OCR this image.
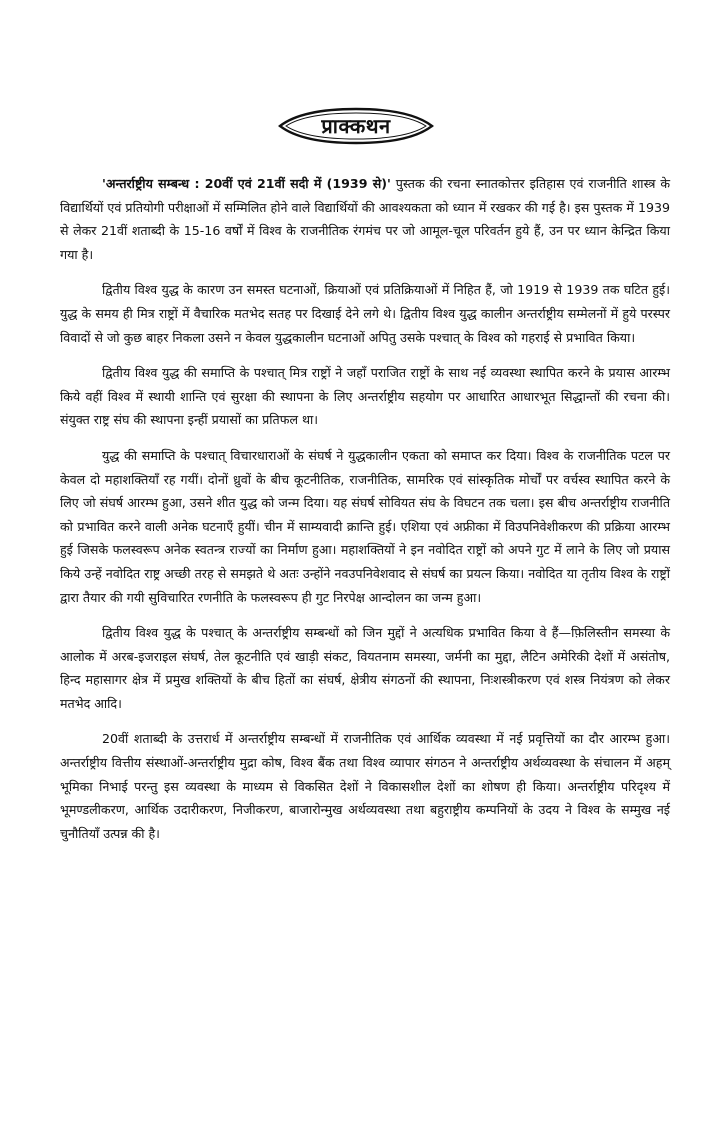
प्राक्कथन

'अन्तर्राष्ट्रीय सम्बन्ध : 20वीं एवं 21वीं सदी में (1939 से)' पुस्तक की रचना स्नातकोत्तर इतिहास एवं राजनीति शास्त्र के विद्यार्थियों एवं प्रतियोगी परीक्षाओं में सम्मिलित होने वाले विद्यार्थियों की आवश्यकता को ध्यान में रखकर की गई है। इस पुस्तक में 1939 से लेकर 21वीं शताब्दी के 15-16 वर्षों में विश्व के राजनीतिक रंगमंच पर जो आमूल-चूल परिवर्तन हुये हैं, उन पर ध्यान केन्द्रित किया गया है।

द्वितीय विश्व युद्ध के कारण उन समस्त घटनाओं, क्रियाओं एवं प्रतिक्रियाओं में निहित हैं, जो 1919 से 1939 तक घटित हुई। युद्ध के समय ही मित्र राष्ट्रों में वैचारिक मतभेद सतह पर दिखाई देने लगे थे। द्वितीय विश्व युद्ध कालीन अन्तर्राष्ट्रीय सम्मेलनों में हुये परस्पर विवादों से जो कुछ बाहर निकला उसने न केवल युद्धकालीन घटनाओं अपितु उसके पश्चात् के विश्व को गहराई से प्रभावित किया।

द्वितीय विश्व युद्ध की समाप्ति के पश्चात् मित्र राष्ट्रों ने जहाँ पराजित राष्ट्रों के साथ नई व्यवस्था स्थापित करने के प्रयास आरम्भ किये वहीं विश्व में स्थायी शान्ति एवं सुरक्षा की स्थापना के लिए अन्तर्राष्ट्रीय सहयोग पर आधारित आधारभूत सिद्धान्तों की रचना की। संयुक्त राष्ट्र संघ की स्थापना इन्हीं प्रयासों का प्रतिफल था।

युद्ध की समाप्ति के पश्चात् विचारधाराओं के संघर्ष ने युद्धकालीन एकता को समाप्त कर दिया। विश्व के राजनीतिक पटल पर केवल दो महाशक्तियाँ रह गयीं। दोनों ध्रुवों के बीच कूटनीतिक, राजनीतिक, सामरिक एवं सांस्कृतिक मोर्चों पर वर्चस्व स्थापित करने के लिए जो संघर्ष आरम्भ हुआ, उसने शीत युद्ध को जन्म दिया। यह संघर्ष सोवियत संघ के विघटन तक चला। इस बीच अन्तर्राष्ट्रीय राजनीति को प्रभावित करने वाली अनेक घटनाएँ हुयीं। चीन में साम्यवादी क्रान्ति हुई। एशिया एवं अफ्रीका में विउपनिवेशीकरण की प्रक्रिया आरम्भ हुई जिसके फलस्वरूप अनेक स्वतन्त्र राज्यों का निर्माण हुआ। महाशक्तियों ने इन नवोदित राष्ट्रों को अपने गुट में लाने के लिए जो प्रयास किये उन्हें नवोदित राष्ट्र अच्छी तरह से समझते थे अतः उन्होंने नवउपनिवेशवाद से संघर्ष का प्रयत्न किया। नवोदित या तृतीय विश्व के राष्ट्रों द्वारा तैयार की गयी सुविचारित रणनीति के फलस्वरूप ही गुट निरपेक्ष आन्दोलन का जन्म हुआ।

द्वितीय विश्व युद्ध के पश्चात् के अन्तर्राष्ट्रीय सम्बन्धों को जिन मुद्दों ने अत्यधिक प्रभावित किया वे हैं—फ़िलिस्तीन समस्या के आलोक में अरब-इजराइल संघर्ष, तेल कूटनीति एवं खाड़ी संकट, वियतनाम समस्या, जर्मनी का मुद्दा, लैटिन अमेरिकी देशों में असंतोष, हिन्द महासागर क्षेत्र में प्रमुख शक्तियों के बीच हितों का संघर्ष, क्षेत्रीय संगठनों की स्थापना, निःशस्त्रीकरण एवं शस्त्र नियंत्रण को लेकर मतभेद आदि।

20वीं शताब्दी के उत्तरार्ध में अन्तर्राष्ट्रीय सम्बन्धों में राजनीतिक एवं आर्थिक व्यवस्था में नई प्रवृत्तियों का दौर आरम्भ हुआ। अन्तर्राष्ट्रीय वित्तीय संस्थाओं-अन्तर्राष्ट्रीय मुद्रा कोष, विश्व बैंक तथा विश्व व्यापार संगठन ने अन्तर्राष्ट्रीय अर्थव्यवस्था के संचालन में अहम् भूमिका निभाई परन्तु इस व्यवस्था के माध्यम से विकसित देशों ने विकासशील देशों का शोषण ही किया। अन्तर्राष्ट्रीय परिदृश्य में भूमण्डलीकरण, आर्थिक उदारीकरण, निजीकरण, बाजारोन्मुख अर्थव्यवस्था तथा बहुराष्ट्रीय कम्पनियों के उदय ने विश्व के सम्मुख नई चुनौतियाँ उत्पन्न की है।
